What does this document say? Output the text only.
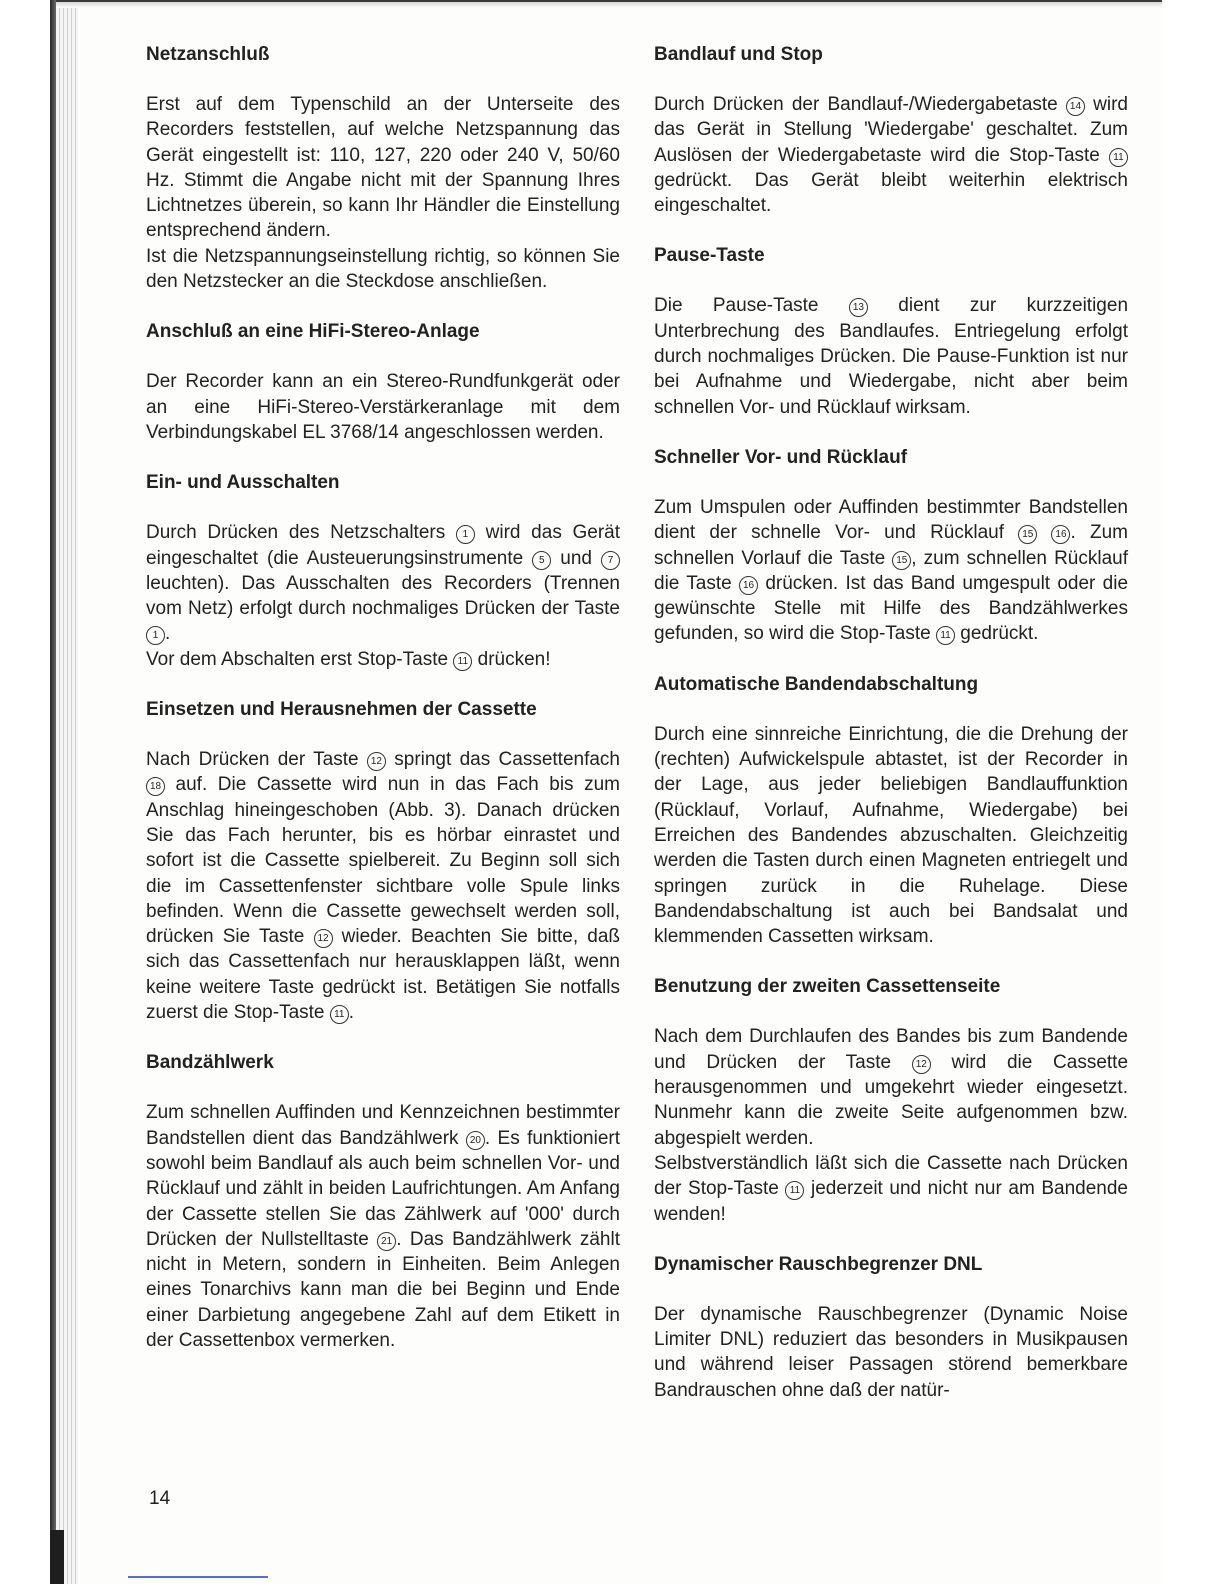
Netzanschluß

Erst auf dem Typenschild an der Unterseite des Recorders feststellen, auf welche Netzspannung das Gerät eingestellt ist: 110, 127, 220 oder 240 V, 50/60 Hz. Stimmt die Angabe nicht mit der Spannung Ihres Lichtnetzes überein, so kann Ihr Händler die Einstellung entsprechend ändern.

Ist die Netzspannungseinstellung richtig, so können Sie den Netzstecker an die Steckdose anschließen.

Anschluß an eine HiFi-Stereo-Anlage

Der Recorder kann an ein Stereo-Rundfunkgerät oder an eine HiFi-Stereo-Verstärkeranlage mit dem Verbindungskabel EL 3768/14 angeschlossen werden.

Ein- und Ausschalten

Durch Drücken des Netzschalters 1 wird das Gerät eingeschaltet (die Austeuerungsinstrumente 5 und 7 leuchten). Das Ausschalten des Recorders (Trennen vom Netz) erfolgt durch nochmaliges Drücken der Taste 1 .

Vor dem Abschalten erst Stop-Taste 11 drücken!

Einsetzen und Herausnehmen der Cassette

Nach Drücken der Taste 12 springt das Cassettenfach 18 auf. Die Cassette wird nun in das Fach bis zum Anschlag hineingeschoben (Abb. 3). Danach drücken Sie das Fach herunter, bis es hörbar einrastet und sofort ist die Cassette spielbereit. Zu Beginn soll sich die im Cassettenfenster sichtbare volle Spule links befinden. Wenn die Cassette gewechselt werden soll, drücken Sie Taste 12 wieder. Beachten Sie bitte, daß sich das Cassettenfach nur herausklappen läßt, wenn keine weitere Taste gedrückt ist. Betätigen Sie notfalls zuerst die Stop-Taste 11 .

Bandzählwerk

Zum schnellen Auffinden und Kennzeichnen bestimmter Bandstellen dient das Bandzählwerk 20 . Es funktioniert sowohl beim Bandlauf als auch beim schnellen Vor- und Rücklauf und zählt in beiden Laufrichtungen. Am Anfang der Cassette stellen Sie das Zählwerk auf '000' durch Drücken der Nullstelltaste 21 . Das Bandzählwerk zählt nicht in Metern, sondern in Einheiten. Beim Anlegen eines Tonarchivs kann man die bei Beginn und Ende einer Darbietung angegebene Zahl auf dem Etikett in der Cassettenbox vermerken.

Bandlauf und Stop

Durch Drücken der Bandlauf-/Wiedergabetaste 14 wird das Gerät in Stellung 'Wiedergabe' geschaltet. Zum Auslösen der Wiedergabetaste wird die Stop-Taste 11 gedrückt. Das Gerät bleibt weiterhin elektrisch eingeschaltet.

Pause-Taste

Die Pause-Taste	13 dient zur kurzzeitigen Unterbrechung des Bandlaufes. Entriegelung erfolgt durch nochmaliges Drücken. Die Pause-Funktion ist nur bei Aufnahme und Wiedergabe, nicht aber beim schnellen Vor- und Rücklauf wirksam.

Schneller Vor- und Rücklauf

Zum Umspulen oder Auffinden bestimmter Bandstellen dient der schnelle Vor- und Rücklauf 15 16 . Zum schnellen Vorlauf die Taste 15 , zum schnellen Rücklauf die Taste 16 drücken. Ist das Band umgespult oder die gewünschte Stelle mit Hilfe des Bandzählwerkes gefunden, so wird die Stop-Taste 11 gedrückt.

Automatische Bandendabschaltung

Durch eine sinnreiche Einrichtung, die die Drehung der (rechten) Aufwickelspule abtastet, ist der Recorder in der Lage, aus jeder beliebigen Bandlauffunktion (Rücklauf, Vorlauf, Aufnahme, Wiedergabe) bei Erreichen des Bandendes abzuschalten. Gleichzeitig werden die Tasten durch einen Magneten entriegelt und springen zurück in die Ruhelage. Diese Bandendabschaltung ist auch bei Bandsalat und klemmenden Cassetten wirksam.

Benutzung der zweiten Cassettenseite

Nach dem Durchlaufen des Bandes bis zum Bandende und Drücken der Taste 12 wird die Cassette herausgenommen und umgekehrt wieder eingesetzt. Nunmehr kann die zweite Seite aufgenommen bzw. abgespielt werden.

Selbstverständlich läßt sich die Cassette nach Drücken der Stop-Taste 11 jederzeit und nicht nur am Bandende wenden!

Dynamischer Rauschbegrenzer DNL

Der dynamische Rauschbegrenzer (Dynamic Noise Limiter DNL) reduziert das besonders in Musikpausen und während leiser Passagen störend bemerkbare Bandrauschen ohne daß der natür-

14
